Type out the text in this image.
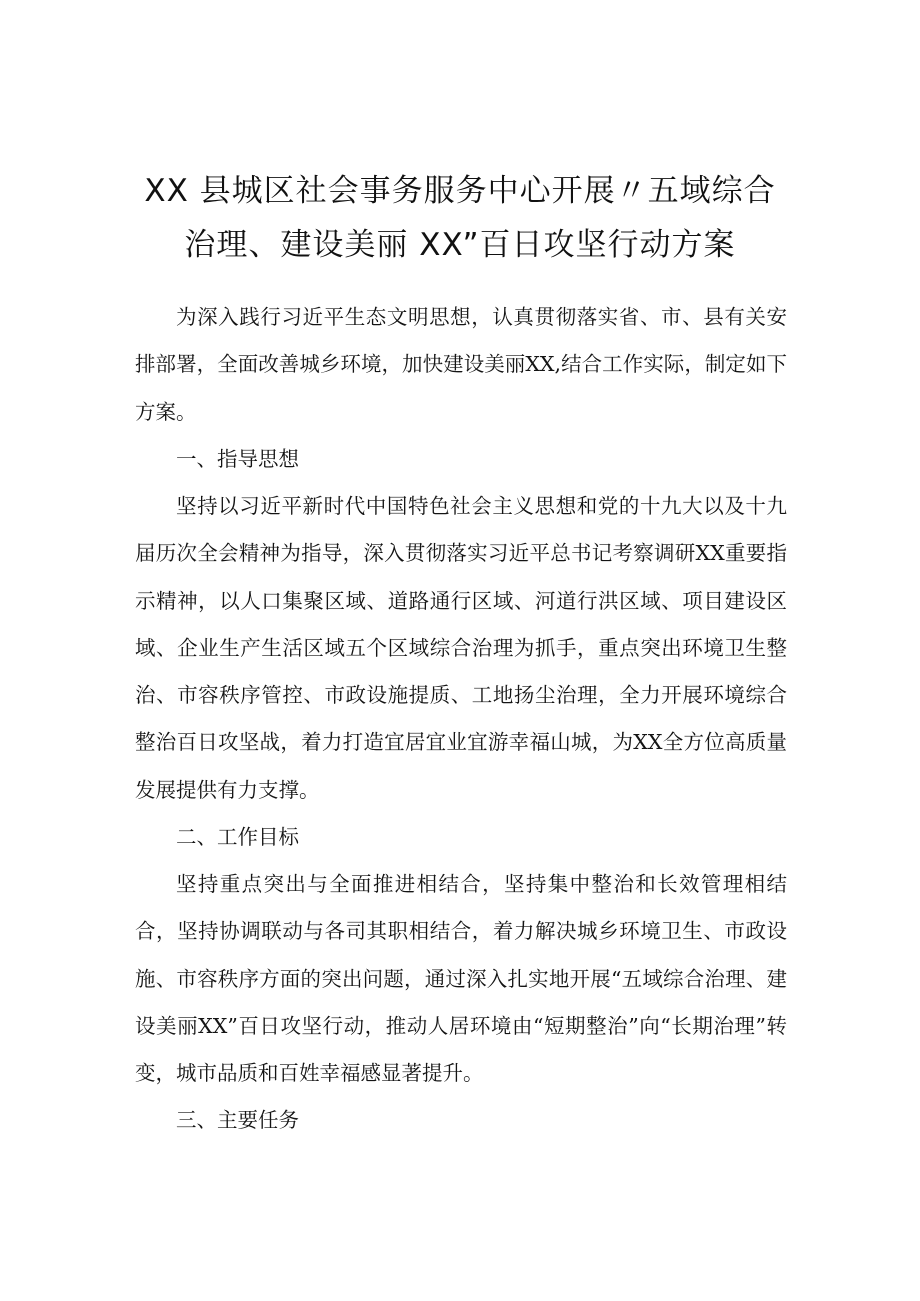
XX 县城区社会事务服务中心开展〃五域综合
治理、建设美丽 XX”百日攻坚行动方案

为深入践行习近平生态文明思想，认真贯彻落实省、市、县有关安排部署，全面改善城乡环境，加快建设美丽XX,结合工作实际，制定如下方案。

一、指导思想

坚持以习近平新时代中国特色社会主义思想和党的十九大以及十九届历次全会精神为指导，深入贯彻落实习近平总书记考察调研XX重要指示精神，以人口集聚区域、道路通行区域、河道行洪区域、项目建设区域、企业生产生活区域五个区域综合治理为抓手，重点突出环境卫生整治、市容秩序管控、市政设施提质、工地扬尘治理，全力开展环境综合整治百日攻坚战，着力打造宜居宜业宜游幸福山城，为XX全方位高质量发展提供有力支撑。

二、工作目标

坚持重点突出与全面推进相结合，坚持集中整治和长效管理相结合，坚持协调联动与各司其职相结合，着力解决城乡环境卫生、市政设施、市容秩序方面的突出问题，通过深入扎实地开展“五域综合治理、建设美丽XX”百日攻坚行动，推动人居环境由“短期整治”向“长期治理”转变，城市品质和百姓幸福感显著提升。

三、主要任务
